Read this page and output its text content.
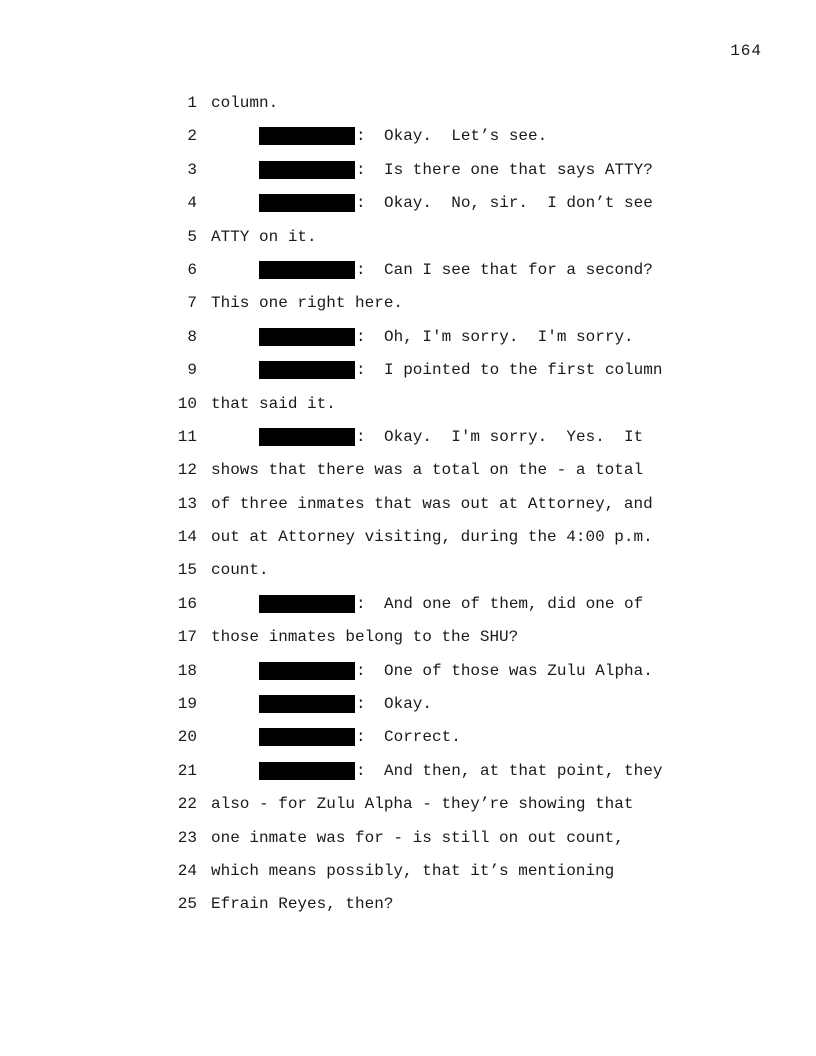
164
1 column.
2	: Okay.  Let’s see.
3	: Is there one that says ATTY?
4	: Okay.  No, sir.  I don’t see
5 ATTY on it.
6	: Can I see that for a second?
7 This one right here.
8	: Oh, I'm sorry.  I'm sorry.
9	: I pointed to the first column
10 that said it.
11	: Okay.  I'm sorry.  Yes.  It
12 shows that there was a total on the - a total
13 of three inmates that was out at Attorney, and
14 out at Attorney visiting, during the 4:00 p.m.
15 count.
16	: And one of them, did one of
17 those inmates belong to the SHU?
18	: One of those was Zulu Alpha.
19	: Okay.
20	: Correct.
21	: And then, at that point, they
22 also - for Zulu Alpha - they’re showing that
23 one inmate was for - is still on out count,
24 which means possibly, that it’s mentioning
25 Efrain Reyes, then?
